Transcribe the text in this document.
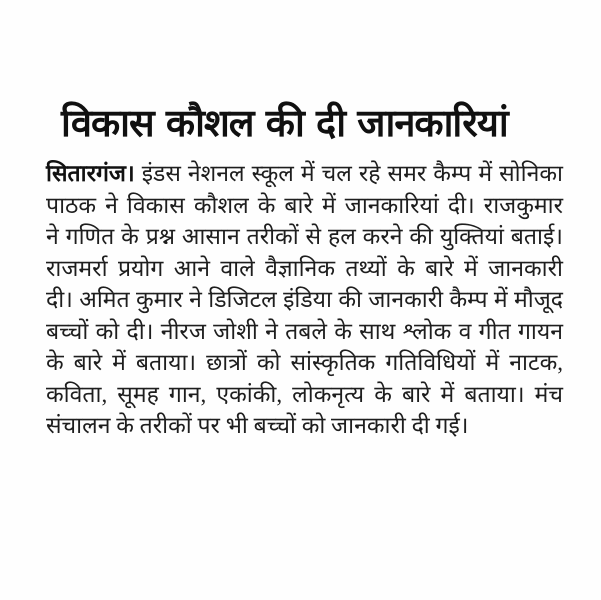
विकास कौशल की दी जानकारियां
सितारगंज। इंडस नेशनल स्कूल में चल रहे समर कैम्प में सोनिका
पाठक ने विकास कौशल के बारे में जानकारियां दी। राजकुमार
ने गणित के प्रश्न आसान तरीकों से हल करने की युक्तियां बताई।
राजमर्रा प्रयोग आने वाले वैज्ञानिक तथ्यों के बारे में जानकारी
दी। अमित कुमार ने डिजिटल इंडिया की जानकारी कैम्प में मौजूद
बच्चों को दी। नीरज जोशी ने तबले के साथ श्लोक व गीत गायन
के बारे में बताया। छात्रों को सांस्कृतिक गतिविधियों में नाटक,
कविता, सूमह गान, एकांकी, लोकनृत्य के बारे में बताया। मंच
संचालन के तरीकों पर भी बच्चों को जानकारी दी गई।
